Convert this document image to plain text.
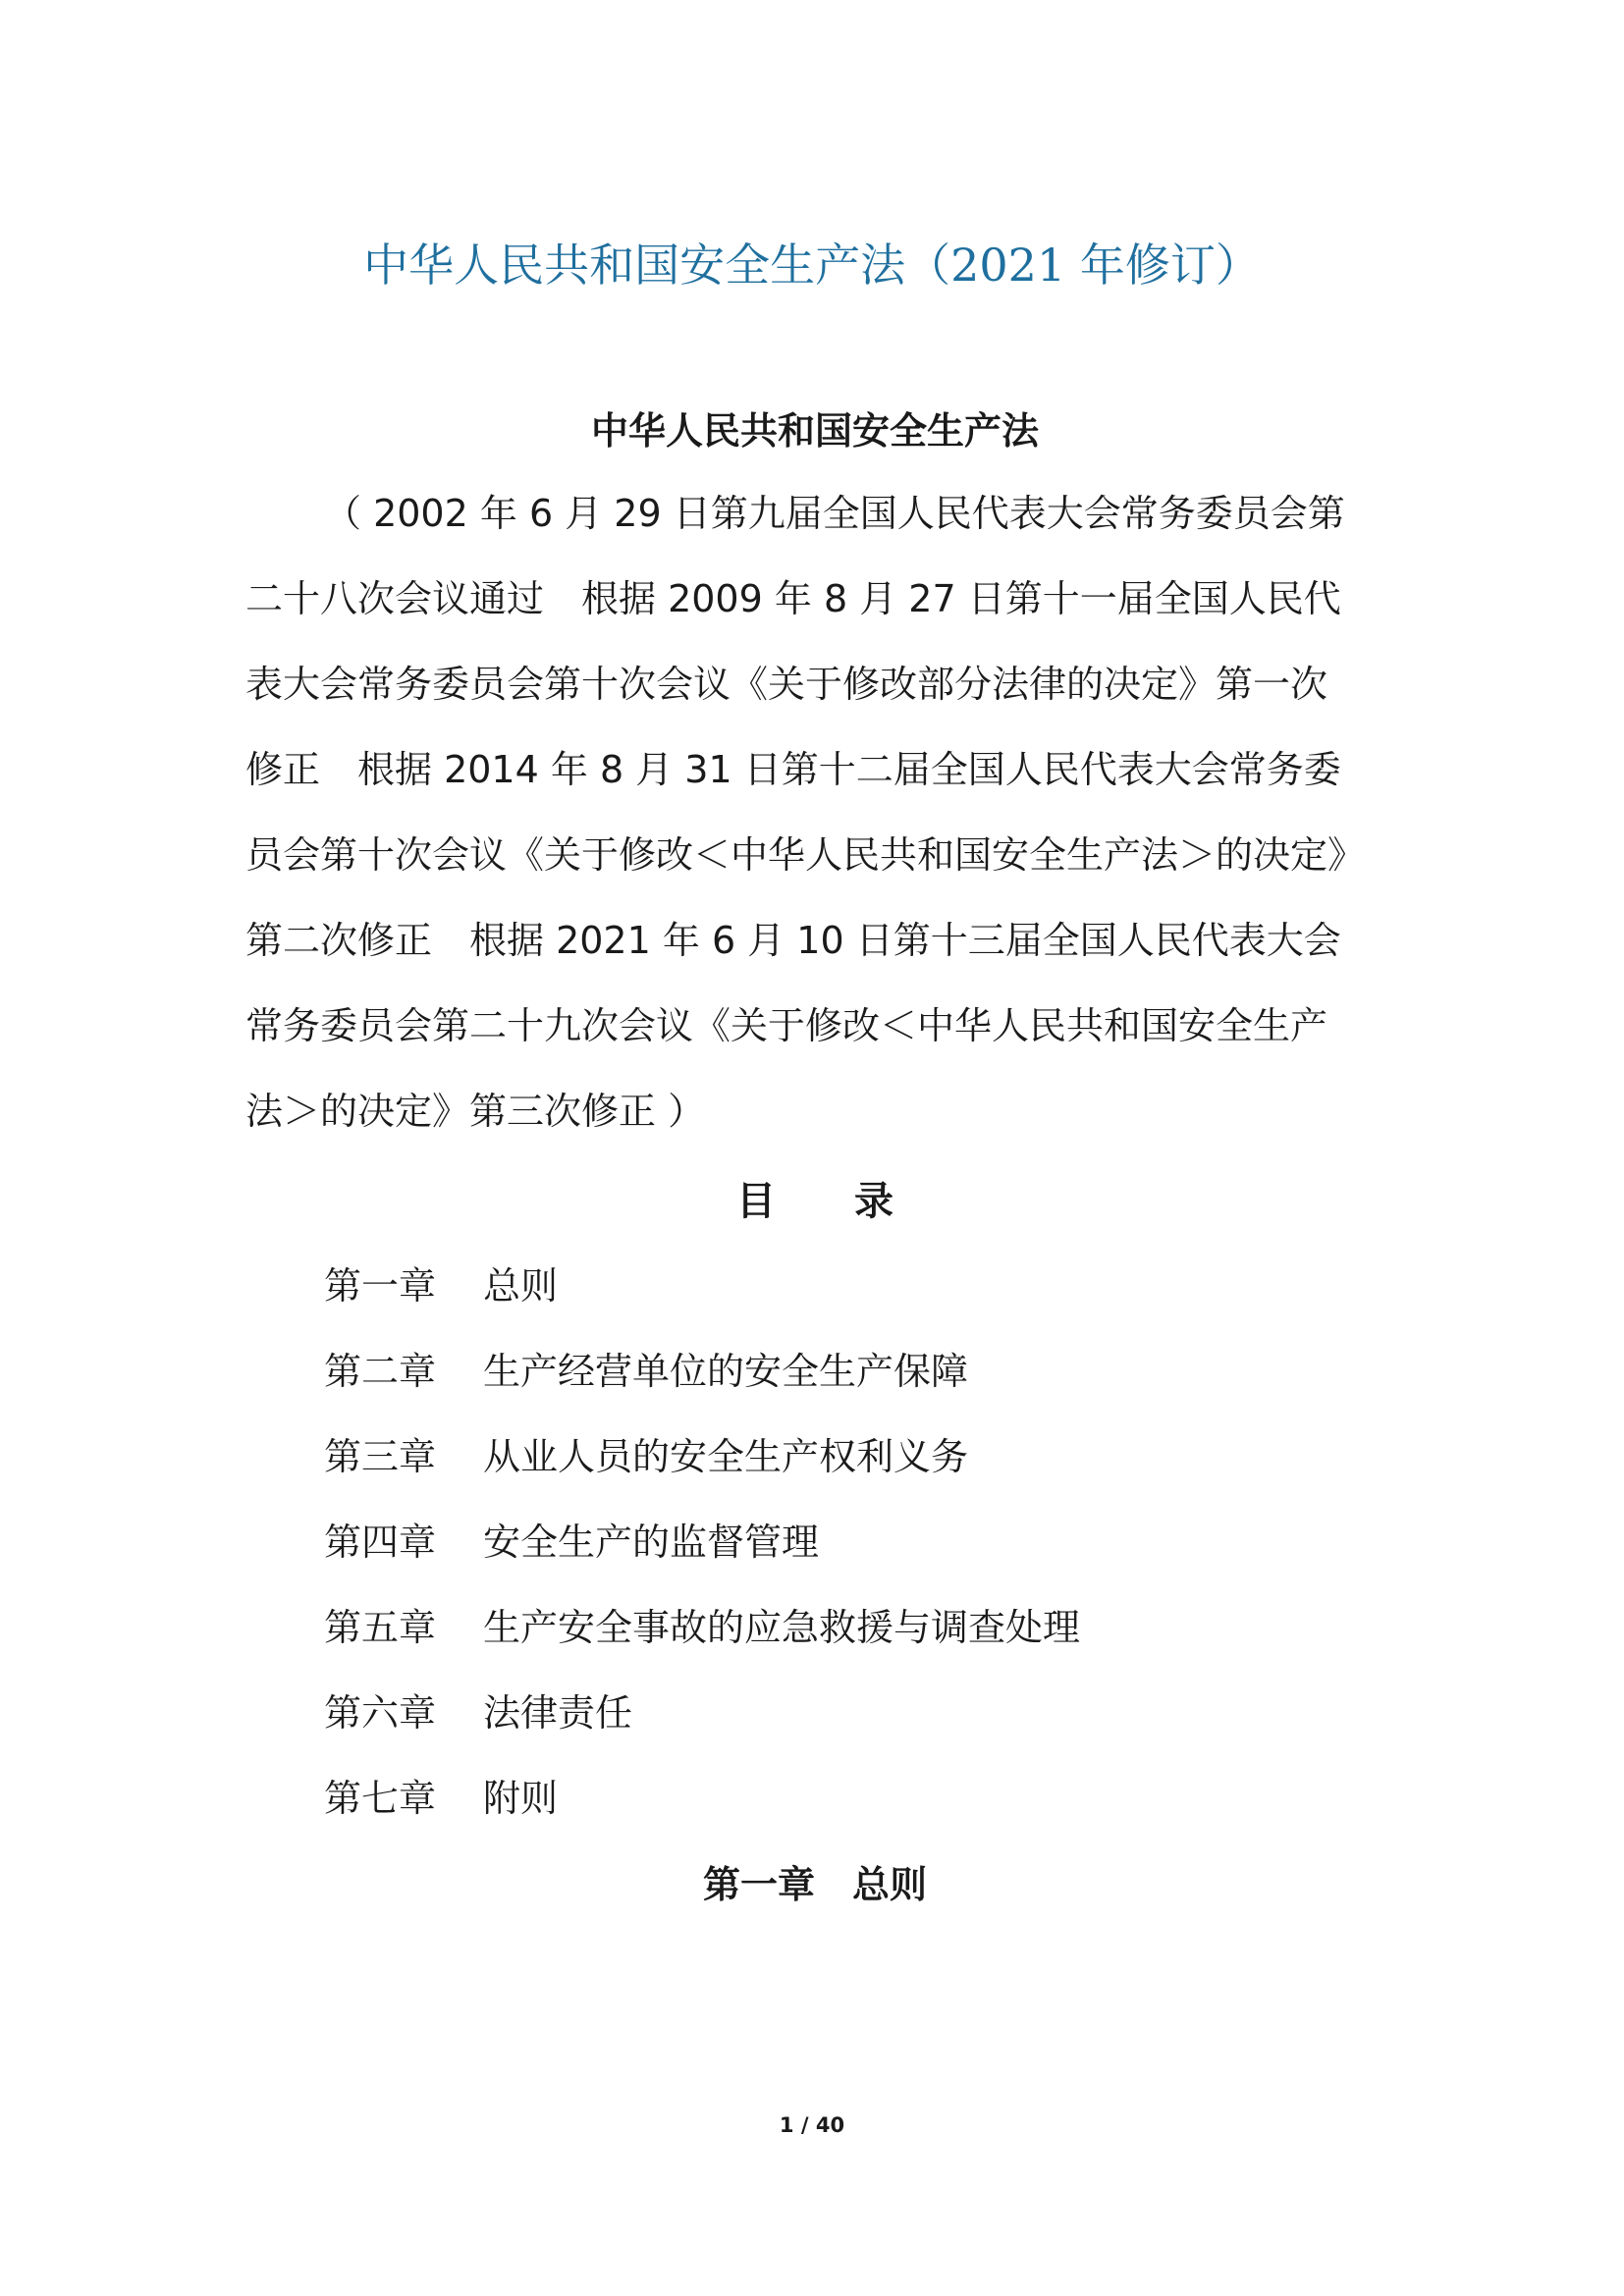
中华人民共和国安全生产法（2021 年修订）
中华人民共和国安全生产法
（ 2002 年 6 月 29 日第九届全国人民代表大会常务委员会第
二十八次会议通过　根据 2009 年 8 月 27 日第十一届全国人民代
表大会常务委员会第十次会议《关于修改部分法律的决定》第一次
修正　根据 2014 年 8 月 31 日第十二届全国人民代表大会常务委
员会第十次会议《关于修改＜中华人民共和国安全生产法＞的决定》
第二次修正　根据 2021 年 6 月 10 日第十三届全国人民代表大会
常务委员会第二十九次会议《关于修改＜中华人民共和国安全生产
法＞的决定》第三次修正 ）
目　　录
第一章	总则
第二章	生产经营单位的安全生产保障
第三章	从业人员的安全生产权利义务
第四章	安全生产的监督管理
第五章	生产安全事故的应急救援与调查处理
第六章	法律责任
第七章	附则
第一章　总则
1 / 40
